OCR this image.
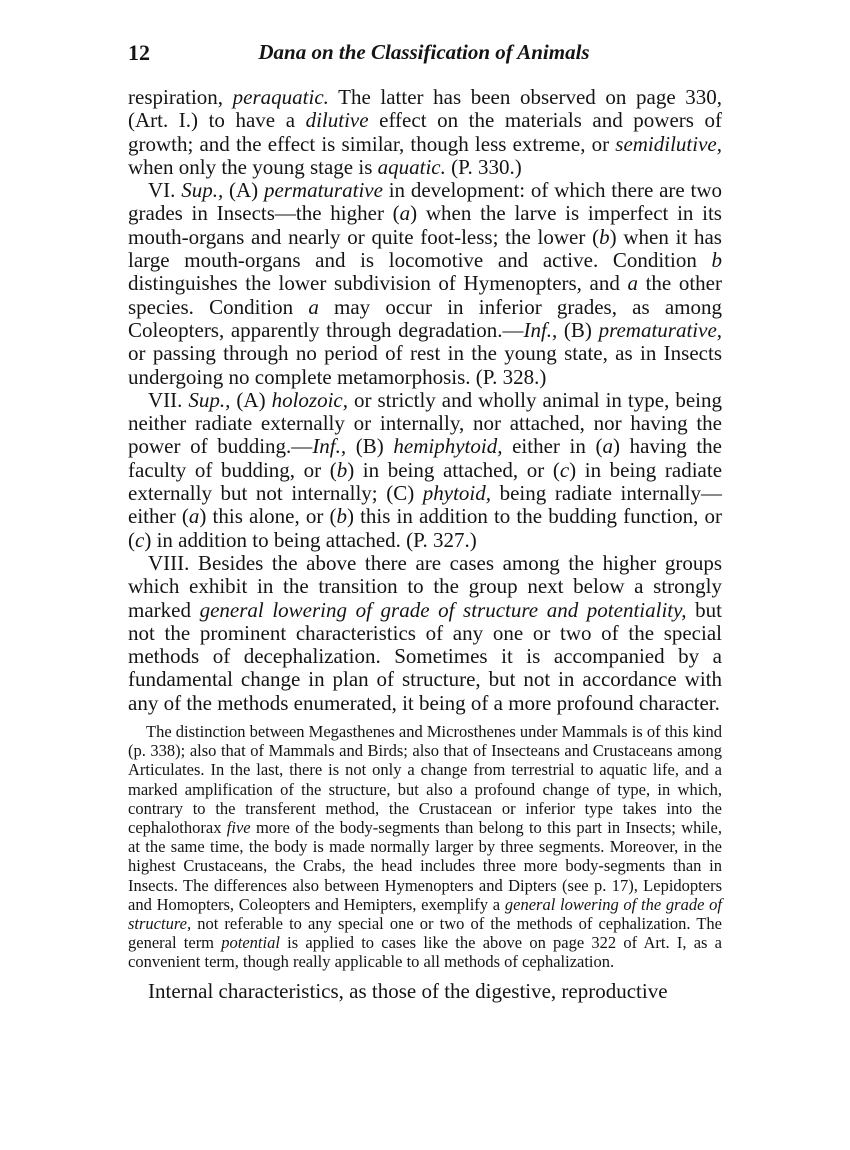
12	Dana on the Classification of Animals

respiration, peraquatic. The latter has been observed on page 330, (Art. I.) to have a dilutive effect on the materials and powers of growth; and the effect is similar, though less extreme, or semidilutive, when only the young stage is aquatic. (P. 330.)

VI. Sup., (A) permaturative in development: of which there are two grades in Insects—the higher (a) when the larve is imperfect in its mouth-organs and nearly or quite foot-less; the lower (b) when it has large mouth-organs and is locomotive and active. Condition b distinguishes the lower subdivision of Hymenopters, and a the other species. Condition a may occur in inferior grades, as among Coleopters, apparently through degradation.—Inf., (B) prematurative, or passing through no period of rest in the young state, as in Insects undergoing no complete metamorphosis. (P. 328.)

VII. Sup., (A) holozoic, or strictly and wholly animal in type, being neither radiate externally or internally, nor attached, nor having the power of budding.—Inf., (B) hemiphytoid, either in (a) having the faculty of budding, or (b) in being attached, or (c) in being radiate externally but not internally; (C) phytoid, being radiate internally—either (a) this alone, or (b) this in addition to the budding function, or (c) in addition to being attached. (P. 327.)

VIII. Besides the above there are cases among the higher groups which exhibit in the transition to the group next below a strongly marked general lowering of grade of structure and potentiality, but not the prominent characteristics of any one or two of the special methods of decephalization. Sometimes it is accompanied by a fundamental change in plan of structure, but not in accordance with any of the methods enumerated, it being of a more profound character.

The distinction between Megasthenes and Microsthenes under Mammals is of this kind (p. 338); also that of Mammals and Birds; also that of Insecteans and Crustaceans among Articulates. In the last, there is not only a change from terrestrial to aquatic life, and a marked amplification of the structure, but also a profound change of type, in which, contrary to the transferent method, the Crustacean or inferior type takes into the cephalothorax five more of the body-segments than belong to this part in Insects; while, at the same time, the body is made normally larger by three segments. Moreover, in the highest Crustaceans, the Crabs, the head includes three more body-segments than in Insects. The differences also between Hymenopters and Dipters (see p. 17), Lepidopters and Homopters, Coleopters and Hemipters, exemplify a general lowering of the grade of structure, not referable to any special one or two of the methods of cephalization. The general term potential is applied to cases like the above on page 322 of Art. I, as a convenient term, though really applicable to all methods of cephalization.

Internal characteristics, as those of the digestive, reproductive
